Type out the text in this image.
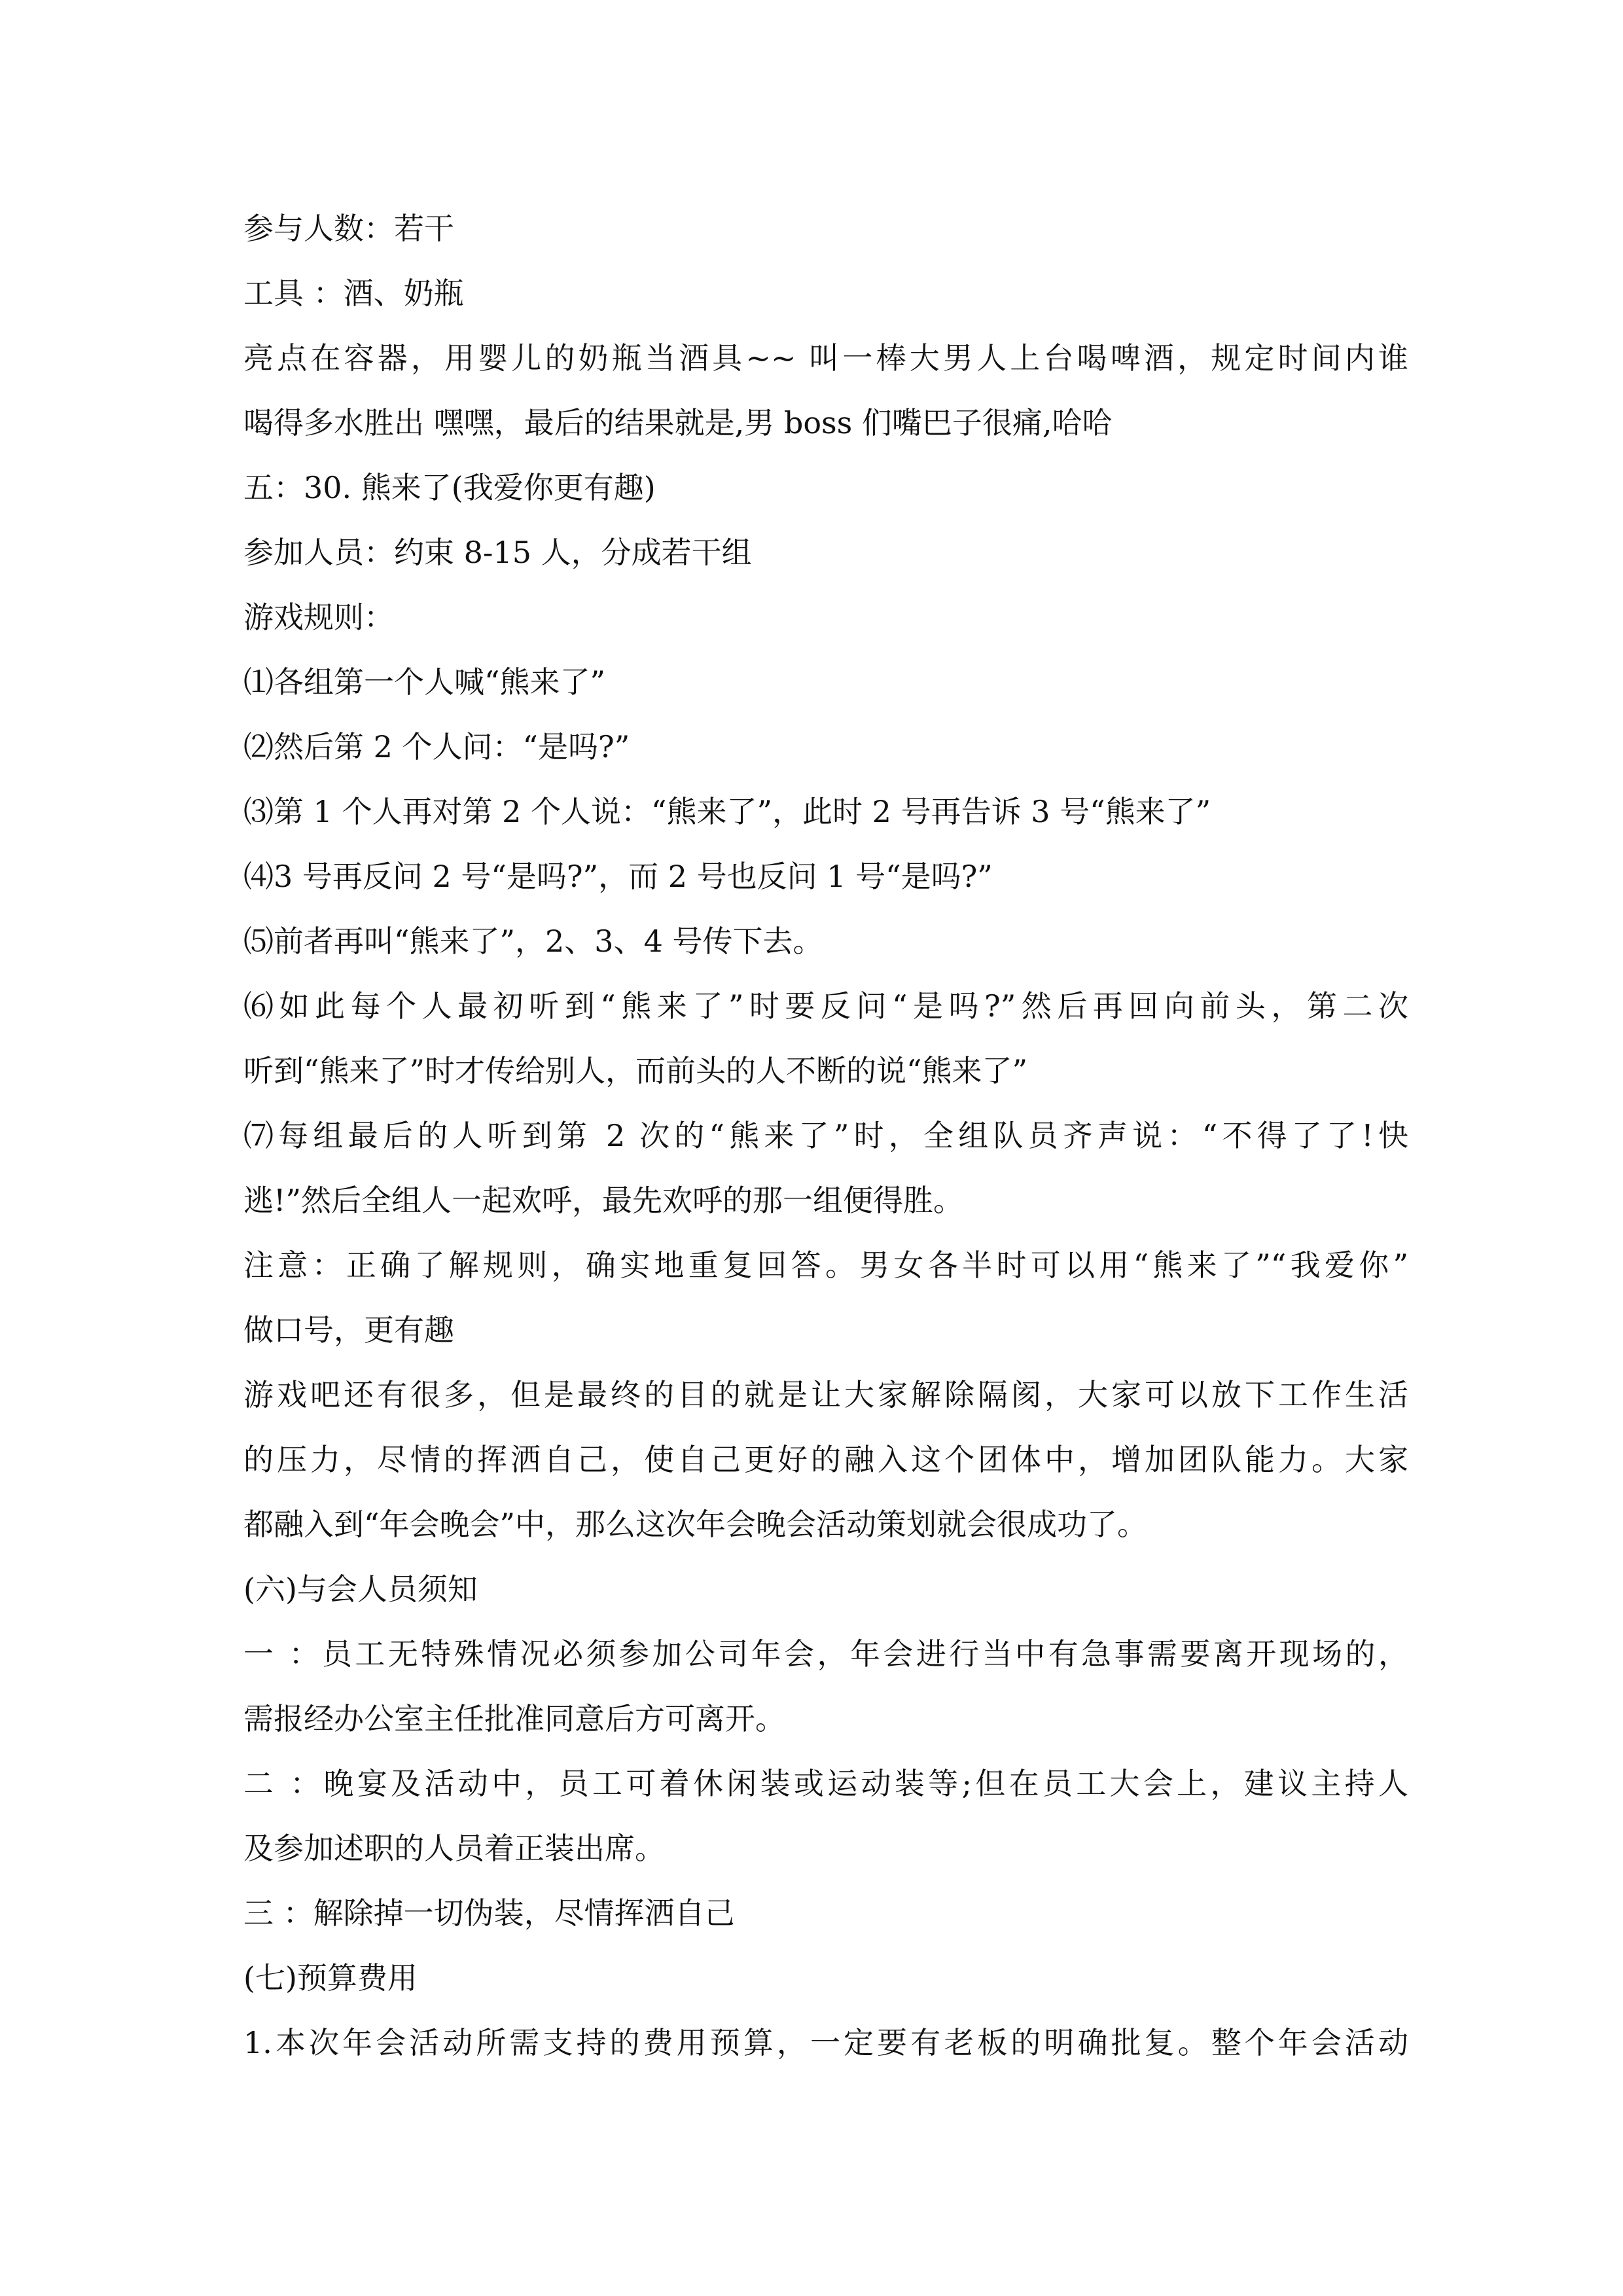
参与人数：若干
工具 ：酒、奶瓶
亮点在容器，用婴儿的奶瓶当酒具~~ 叫一棒大男人上台喝啤酒，规定时间内谁
喝得多水胜出 嘿嘿，最后的结果就是,男 boss 们嘴巴子很痛,哈哈
五：30. 熊来了(我爱你更有趣)
参加人员：约束 8-15 人，分成若干组
游戏规则：
⑴各组第一个人喊“熊来了”
⑵然后第 2 个人问：“是吗?”
⑶第 1 个人再对第 2 个人说：“熊来了”，此时 2 号再告诉 3 号“熊来了”
⑷3 号再反问 2 号“是吗?”，而 2 号也反问 1 号“是吗?”
⑸前者再叫“熊来了”，2、3、4 号传下去。
⑹如此每个人最初听到“熊来了”时要反问“是吗?”然后再回向前头，第二次
听到“熊来了”时才传给别人，而前头的人不断的说“熊来了”
⑺每组最后的人听到第 2 次的“熊来了”时，全组队员齐声说：“不得了了!快
逃!”然后全组人一起欢呼，最先欢呼的那一组便得胜。
注意：正确了解规则，确实地重复回答。男女各半时可以用“熊来了”“我爱你”
做口号，更有趣
游戏吧还有很多，但是最终的目的就是让大家解除隔阂，大家可以放下工作生活
的压力，尽情的挥洒自己，使自己更好的融入这个团体中，增加团队能力。大家
都融入到“年会晚会”中，那么这次年会晚会活动策划就会很成功了。
(六)与会人员须知
一 ：员工无特殊情况必须参加公司年会，年会进行当中有急事需要离开现场的，
需报经办公室主任批准同意后方可离开。
二 ：晚宴及活动中，员工可着休闲装或运动装等;但在员工大会上，建议主持人
及参加述职的人员着正装出席。
三 ：解除掉一切伪装，尽情挥洒自己
(七)预算费用
1.本次年会活动所需支持的费用预算，一定要有老板的明确批复。整个年会活动
